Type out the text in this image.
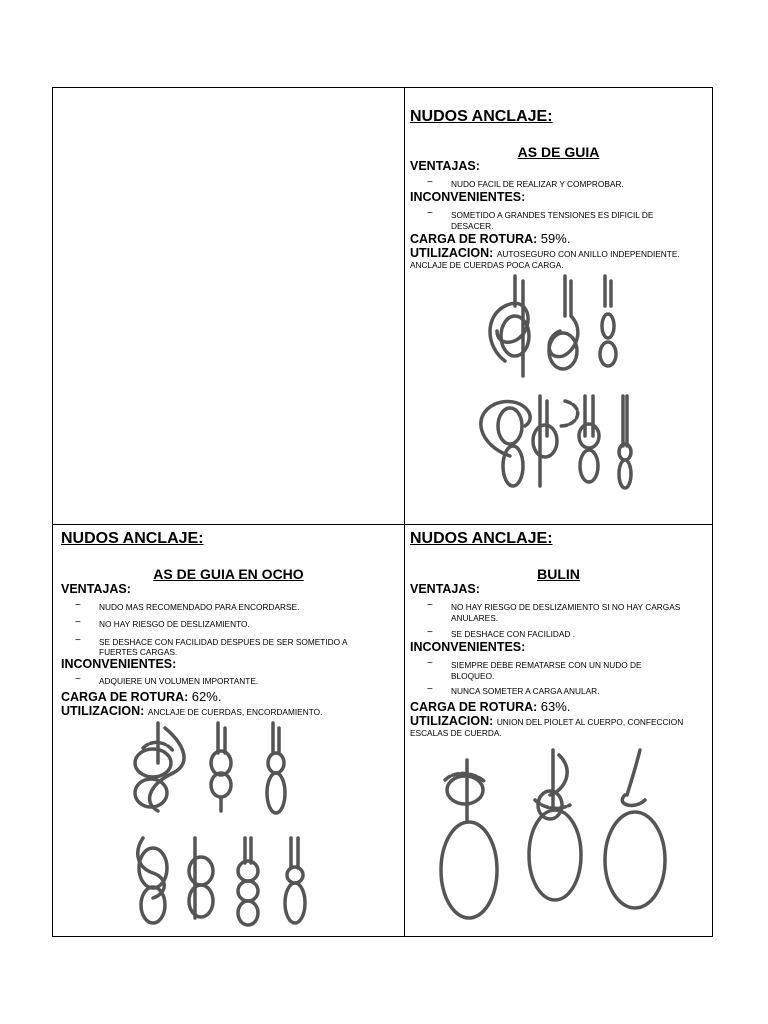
NUDOS ANCLAJE:
AS DE GUIA
VENTAJAS:
− NUDO FACIL DE REALIZAR Y COMPROBAR.
INCONVENIENTES:
− SOMETIDO A GRANDES TENSIONES ES DIFICIL DE
DESACER.
CARGA DE ROTURA: 59%.
UTILIZACION: AUTOSEGURO CON ANILLO INDEPENDIENTE.
ANCLAJE DE CUERDAS POCA CARGA.
NUDOS ANCLAJE:
AS DE GUIA EN OCHO
VENTAJAS:
− NUDO MAS RECOMENDADO PARA ENCORDARSE.
− NO HAY RIESGO DE DESLIZAMIENTO.
− SE DESHACE CON FACILIDAD DESPUES DE SER SOMETIDO A
FUERTES CARGAS.
INCONVENIENTES:
− ADQUIERE UN VOLUMEN IMPORTANTE.
CARGA DE ROTURA: 62%.
UTILIZACION: ANCLAJE DE CUERDAS, ENCORDAMIENTO.
NUDOS ANCLAJE:
BULIN
VENTAJAS:
− NO HAY RIESGO DE DESLIZAMIENTO SI NO HAY CARGAS
ANULARES.
− SE DESHACE CON FACILIDAD .
INCONVENIENTES:
− SIEMPRE DEBE REMATARSE CON UN NUDO DE
BLOQUEO.
− NUNCA SOMETER A CARGA ANULAR.
CARGA DE ROTURA: 63%.
UTILIZACION: UNION DEL PIOLET AL CUERPO, CONFECCION
ESCALAS DE CUERDA.
